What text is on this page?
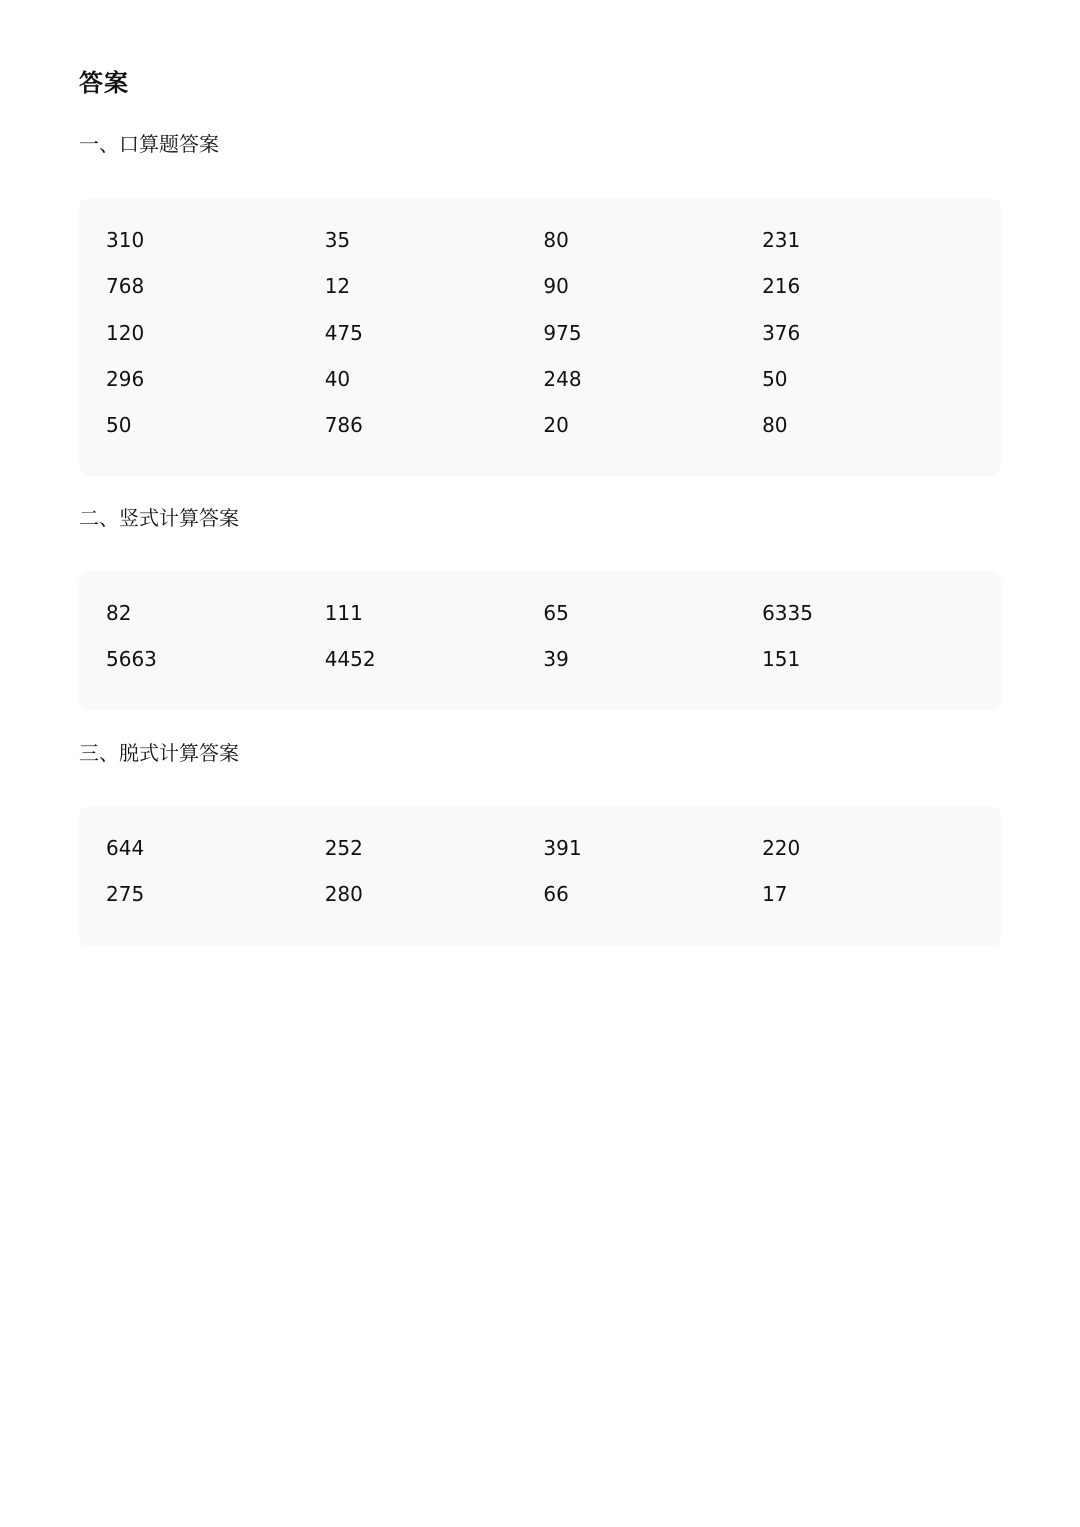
答案
一、口算题答案
310	35	80	231
768	12	90	216
120	475	975	376
296	40	248	50
50	786	20	80
二、竖式计算答案
82	111	65	6335
5663	4452	39	151
三、脱式计算答案
644	252	391	220
275	280	66	17
